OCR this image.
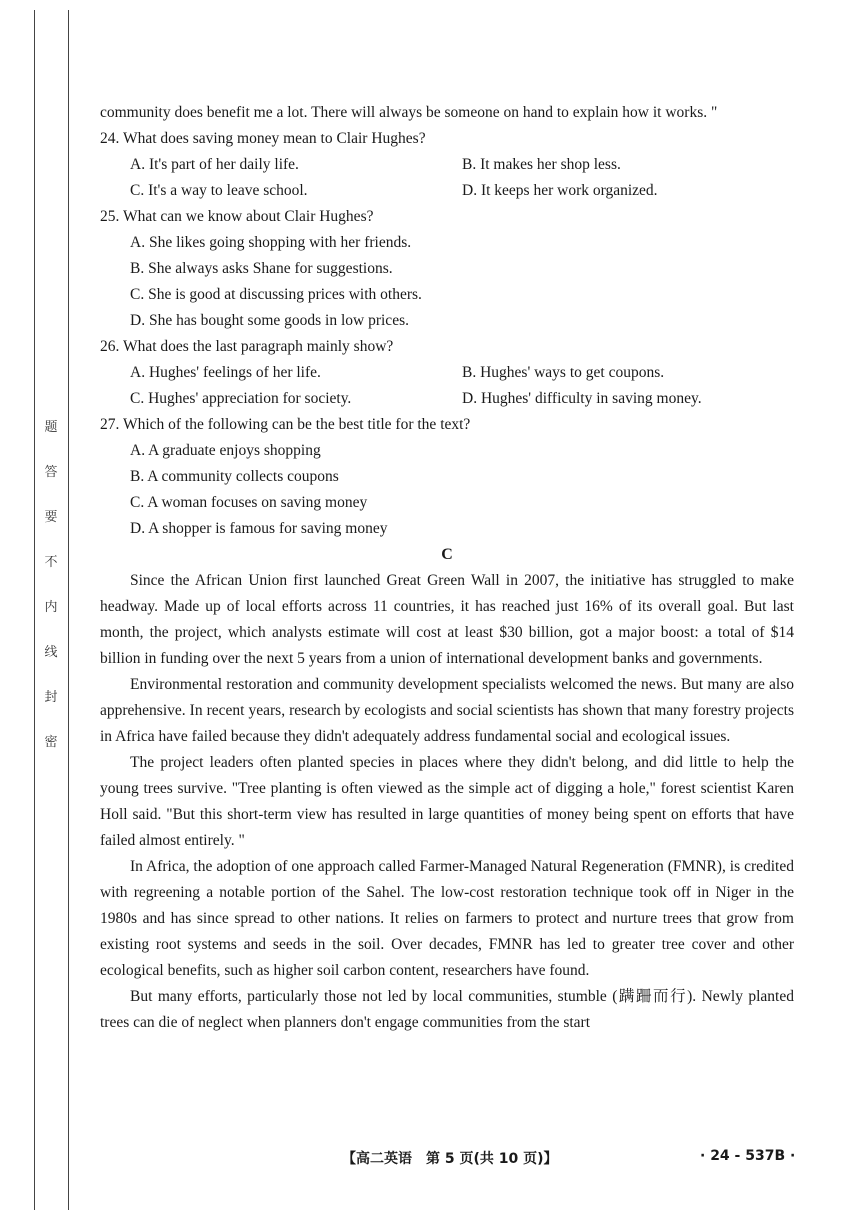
题
答
要
不
内
线
封
密

community does benefit me a lot. There will always be someone on hand to explain how it works. "

24. What does saving money mean to Clair Hughes?

A. It's part of her daily life.	B. It makes her shop less.
C. It's a way to leave school.	D. It keeps her work organized.

25. What can we know about Clair Hughes?

A. She likes going shopping with her friends.
B. She always asks Shane for suggestions.
C. She is good at discussing prices with others.
D. She has bought some goods in low prices.

26. What does the last paragraph mainly show?

A. Hughes' feelings of her life.	B. Hughes' ways to get coupons.
C. Hughes' appreciation for society.	D. Hughes' difficulty in saving money.

27. Which of the following can be the best title for the text?

A. A graduate enjoys shopping
B. A community collects coupons
C. A woman focuses on saving money
D. A shopper is famous for saving money
C

Since the African Union first launched Great Green Wall in 2007, the initiative has struggled to make headway. Made up of local efforts across 11 countries, it has reached just 16% of its overall goal. But last month, the project, which analysts estimate will cost at least $30 billion, got a major boost: a total of $14 billion in funding over the next 5 years from a union of international development banks and governments.

Environmental restoration and community development specialists welcomed the news. But many are also apprehensive. In recent years, research by ecologists and social scientists has shown that many forestry projects in Africa have failed because they didn't adequately address fundamental social and ecological issues.

The project leaders often planted species in places where they didn't belong, and did little to help the young trees survive. "Tree planting is often viewed as the simple act of digging a hole," forest scientist Karen Holl said. "But this short-term view has resulted in large quantities of money being spent on efforts that have failed almost entirely. "

In Africa, the adoption of one approach called Farmer-Managed Natural Regeneration (FMNR), is credited with regreening a notable portion of the Sahel. The low-cost restoration technique took off in Niger in the 1980s and has since spread to other nations. It relies on farmers to protect and nurture trees that grow from existing root systems and seeds in the soil. Over decades, FMNR has led to greater tree cover and other ecological benefits, such as higher soil carbon content, researchers have found.

But many efforts, particularly those not led by local communities, stumble (蹒跚而行). Newly planted trees can die of neglect when planners don't engage communities from the start

【高二英语　第 5 页(共 10 页)】	· 24 - 537B ·
